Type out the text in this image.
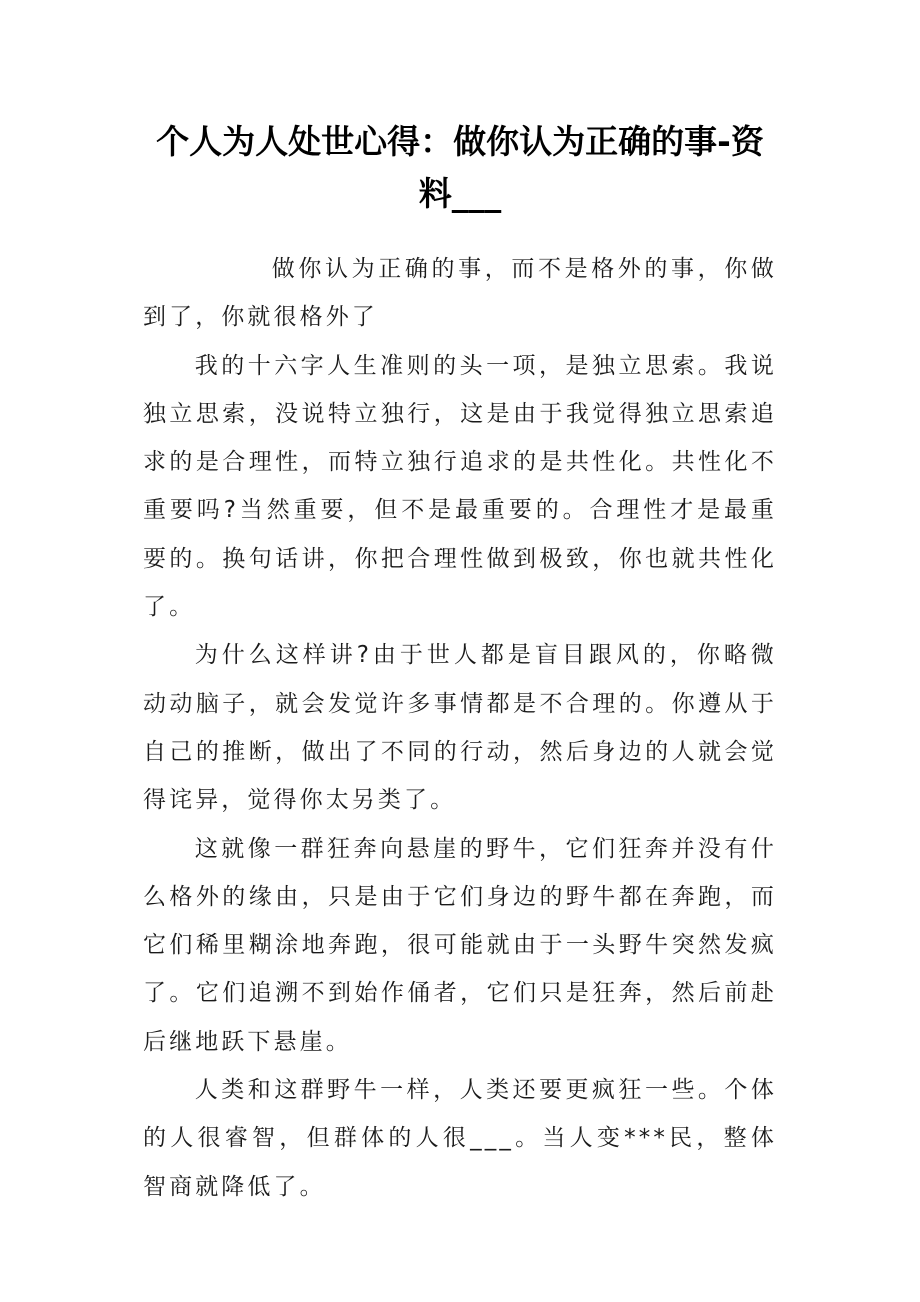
个人为人处世心得：做你认为正确的事-资料___

做你认为正确的事，而不是格外的事，你做到了，你就很格外了

我的十六字人生准则的头一项，是独立思索。我说独立思索，没说特立独行，这是由于我觉得独立思索追求的是合理性，而特立独行追求的是共性化。共性化不重要吗?当然重要，但不是最重要的。合理性才是最重要的。换句话讲，你把合理性做到极致，你也就共性化了。

为什么这样讲?由于世人都是盲目跟风的，你略微动动脑子，就会发觉许多事情都是不合理的。你遵从于自己的推断，做出了不同的行动，然后身边的人就会觉得诧异，觉得你太另类了。

这就像一群狂奔向悬崖的野牛，它们狂奔并没有什么格外的缘由，只是由于它们身边的野牛都在奔跑，而它们稀里糊涂地奔跑，很可能就由于一头野牛突然发疯了。它们追溯不到始作俑者，它们只是狂奔，然后前赴后继地跃下悬崖。

人类和这群野牛一样，人类还要更疯狂一些。个体的人很睿智，但群体的人很___。当人变***民，整体智商就降低了。
